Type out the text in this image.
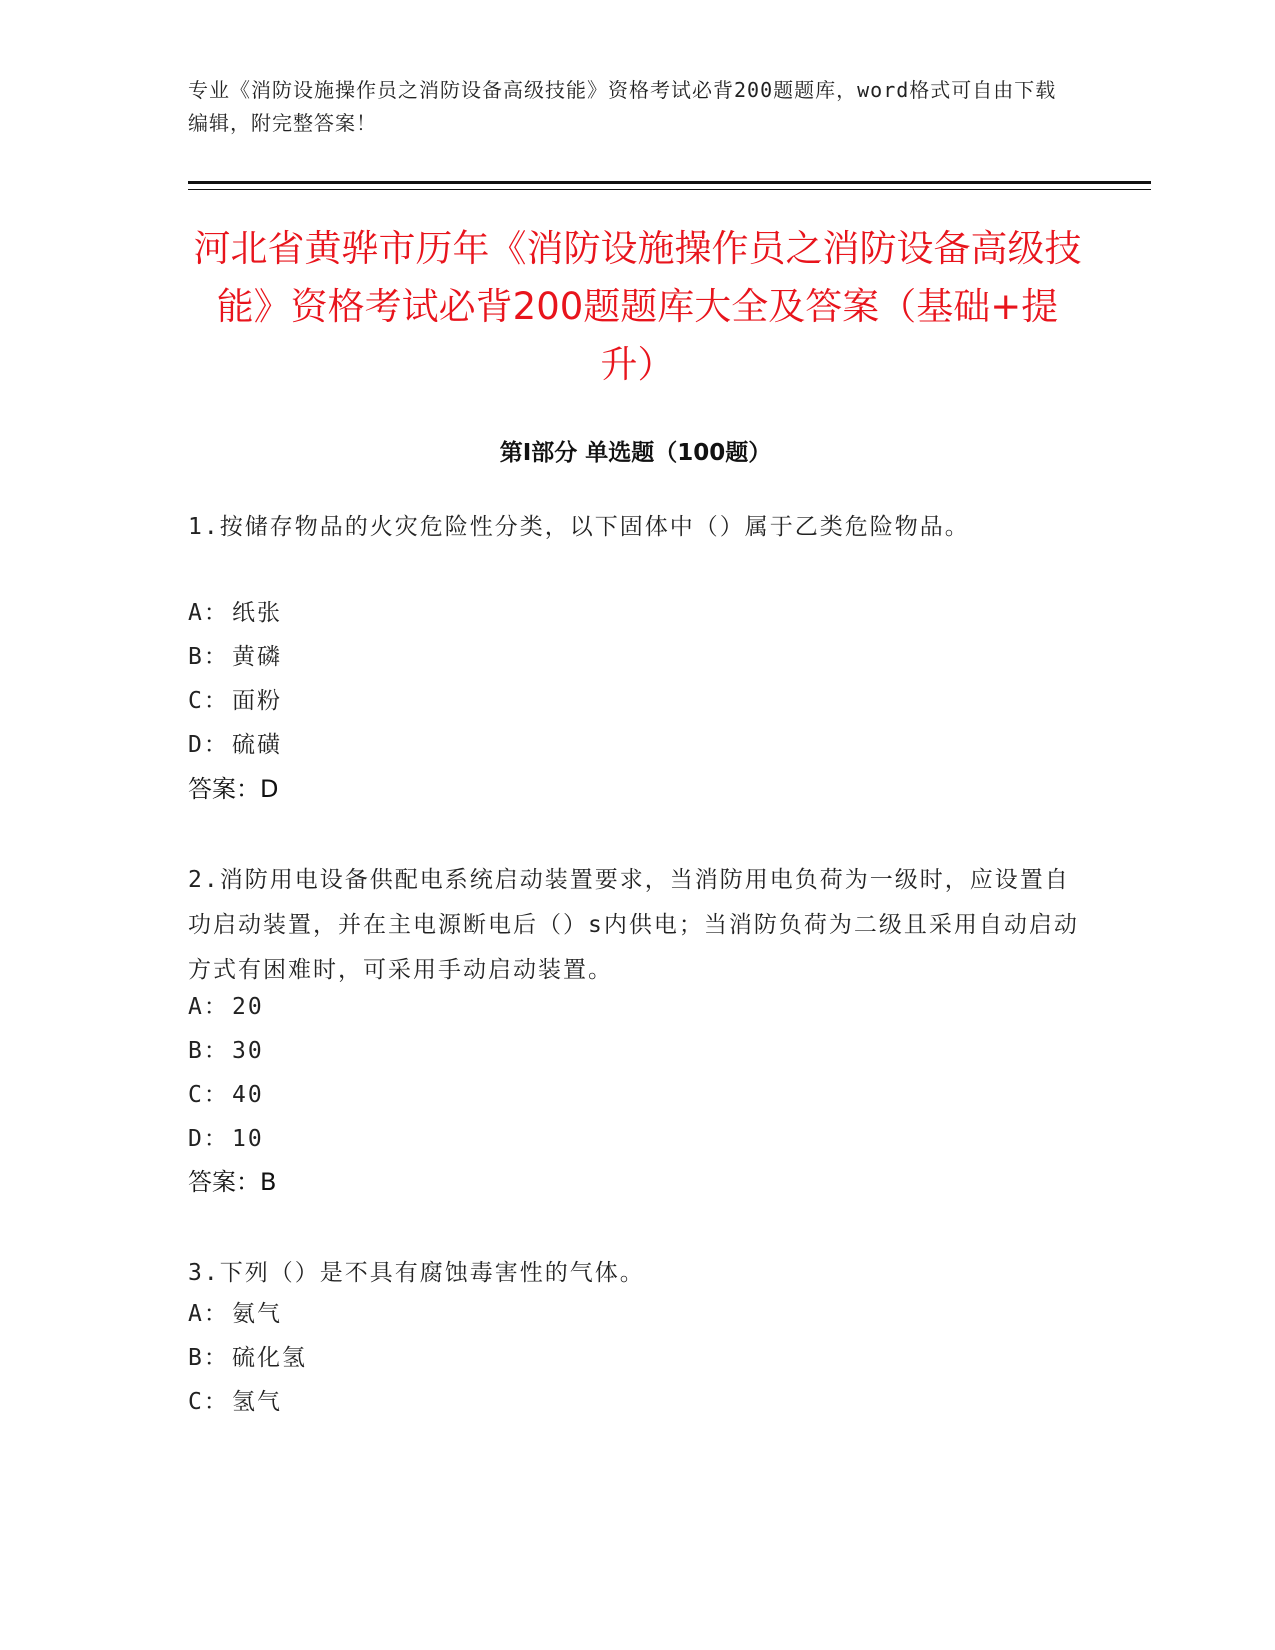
专业《消防设施操作员之消防设备高级技能》资格考试必背200题题库，word格式可自由下载编辑，附完整答案！
河北省黄骅市历年《消防设施操作员之消防设备高级技能》资格考试必背200题题库大全及答案（基础+提升）
第Ⅰ部分 单选题（100题）
1.按储存物品的火灾危险性分类，以下固体中（）属于乙类危险物品。
A： 纸张
B： 黄磷
C： 面粉
D： 硫磺
答案：D
2.消防用电设备供配电系统启动装置要求，当消防用电负荷为一级时，应设置自功启动装置，并在主电源断电后（）s内供电；当消防负荷为二级且采用自动启动方式有困难时，可采用手动启动装置。
A： 20
B： 30
C： 40
D： 10
答案：B
3.下列（）是不具有腐蚀毒害性的气体。
A： 氨气
B： 硫化氢
C： 氢气
